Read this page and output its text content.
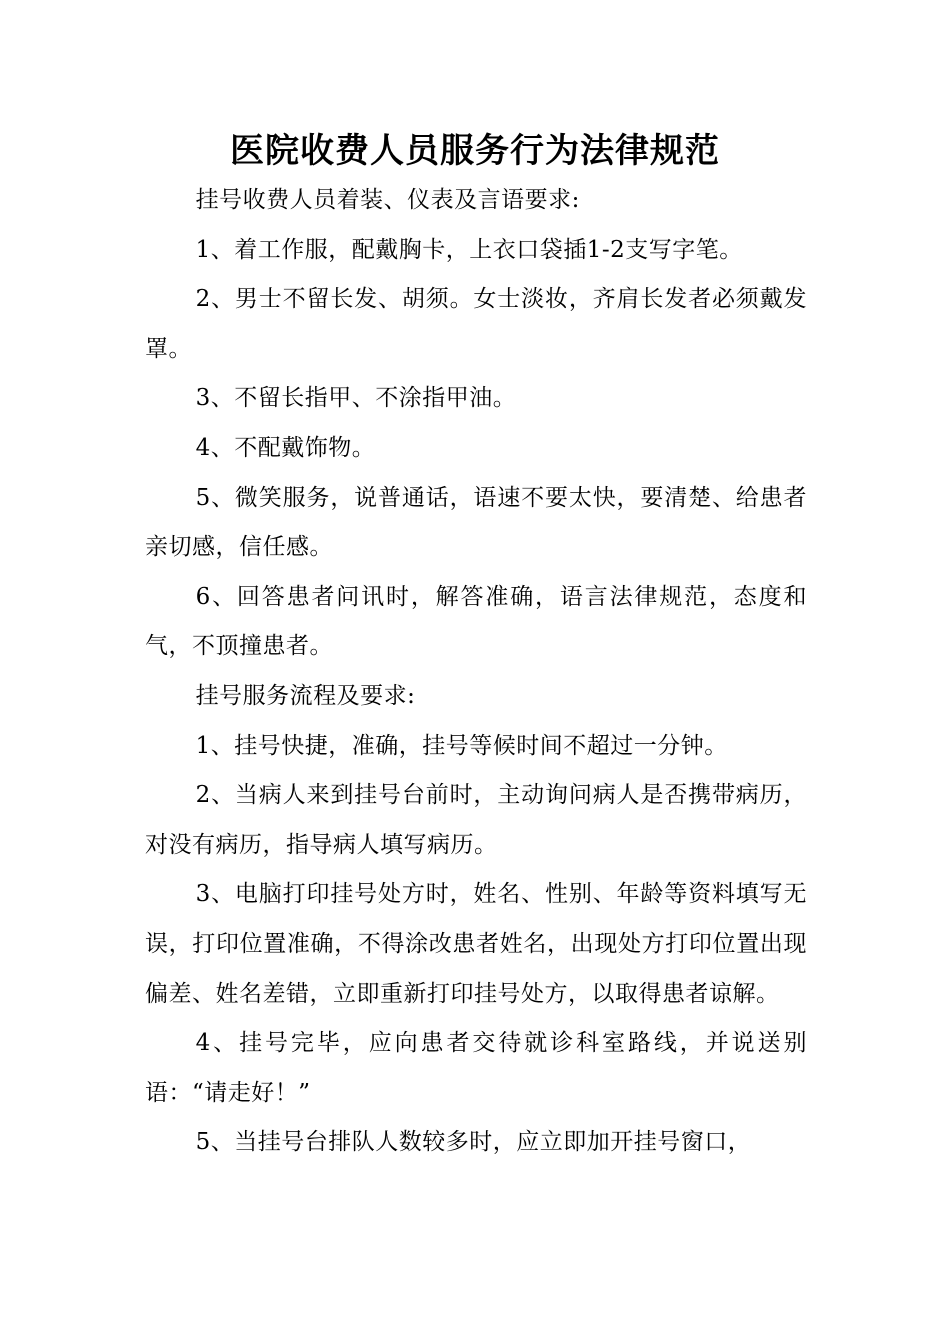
医院收费人员服务行为法律规范

挂号收费人员着装、仪表及言语要求:

1、着工作服，配戴胸卡，上衣口袋插1-2支写字笔。

2、男士不留长发、胡须。女士淡妆，齐肩长发者必须戴发罩。

3、不留长指甲、不涂指甲油。

4、不配戴饰物。

5、微笑服务，说普通话，语速不要太快，要清楚、给患者亲切感，信任感。

6、回答患者问讯时，解答准确，语言法律规范，态度和气，不顶撞患者。

挂号服务流程及要求:

1、挂号快捷，准确，挂号等候时间不超过一分钟。

2、当病人来到挂号台前时，主动询问病人是否携带病历，对没有病历，指导病人填写病历。

3、电脑打印挂号处方时，姓名、性别、年龄等资料填写无误，打印位置准确，不得涂改患者姓名，出现处方打印位置出现偏差、姓名差错，立即重新打印挂号处方，以取得患者谅解。

4、挂号完毕，应向患者交待就诊科室路线，并说送别语：“请走好！”

5、当挂号台排队人数较多时，应立即加开挂号窗口，
